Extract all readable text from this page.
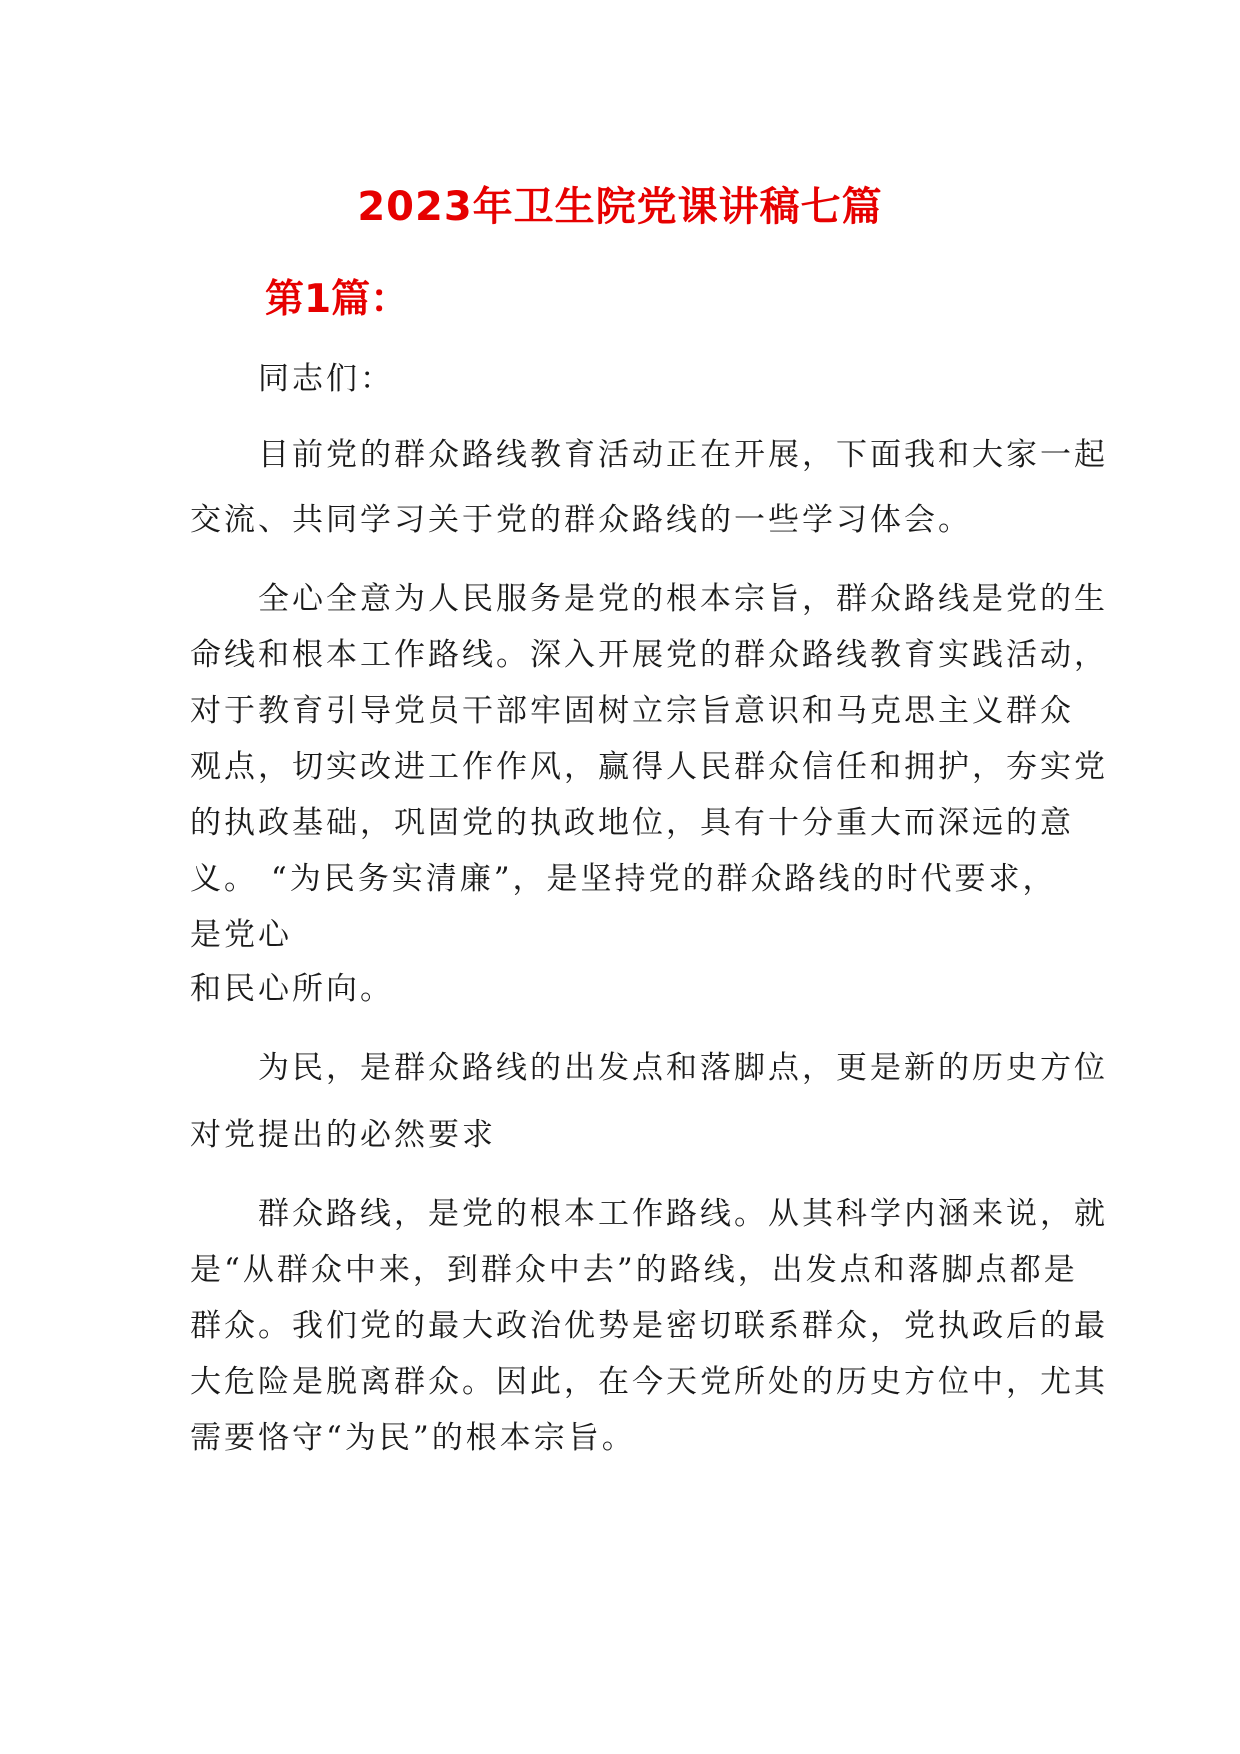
2023年卫生院党课讲稿七篇
第1篇：
同志们：
目前党的群众路线教育活动正在开展，下面我和大家一起
交流、共同学习关于党的群众路线的一些学习体会。
全心全意为人民服务是党的根本宗旨，群众路线是党的生
命线和根本工作路线。深入开展党的群众路线教育实践活动，
对于教育引导党员干部牢固树立宗旨意识和马克思主义群众
观点，切实改进工作作风，赢得人民群众信任和拥护，夯实党
的执政基础，巩固党的执政地位，具有十分重大而深远的意
义。 “为民务实清廉”，是坚持党的群众路线的时代要求，
是党心
和民心所向。
为民，是群众路线的出发点和落脚点，更是新的历史方位
对党提出的必然要求
群众路线，是党的根本工作路线。从其科学内涵来说，就
是“从群众中来，到群众中去”的路线，出发点和落脚点都是
群众。我们党的最大政治优势是密切联系群众，党执政后的最
大危险是脱离群众。因此，在今天党所处的历史方位中，尤其
需要恪守“为民”的根本宗旨。
